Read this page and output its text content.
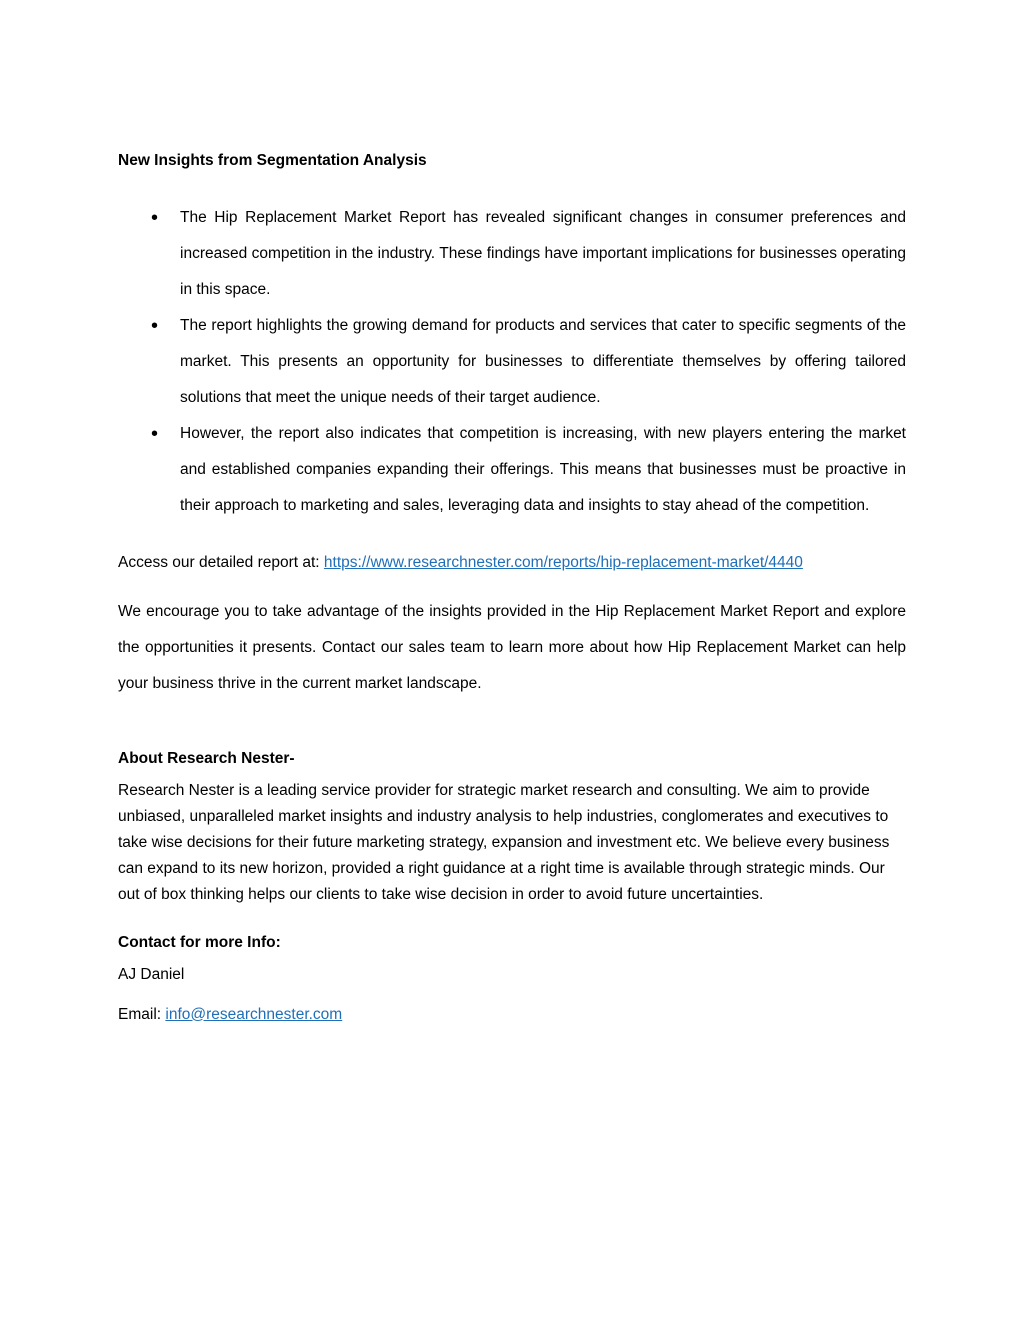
New Insights from Segmentation Analysis
• The Hip Replacement Market Report has revealed significant changes in consumer preferences and increased competition in the industry. These findings have important implications for businesses operating in this space.
• The report highlights the growing demand for products and services that cater to specific segments of the market. This presents an opportunity for businesses to differentiate themselves by offering tailored solutions that meet the unique needs of their target audience.
• However, the report also indicates that competition is increasing, with new players entering the market and established companies expanding their offerings. This means that businesses must be proactive in their approach to marketing and sales, leveraging data and insights to stay ahead of the competition.
Access our detailed report at: https://www.researchnester.com/reports/hip-replacement-market/4440

We encourage you to take advantage of the insights provided in the Hip Replacement Market Report and explore the opportunities it presents. Contact our sales team to learn more about how Hip Replacement Market can help your business thrive in the current market landscape.

About Research Nester-

Research Nester is a leading service provider for strategic market research and consulting. We aim to provide unbiased, unparalleled market insights and industry analysis to help industries, conglomerates and executives to take wise decisions for their future marketing strategy, expansion and investment etc. We believe every business can expand to its new horizon, provided a right guidance at a right time is available through strategic minds. Our out of box thinking helps our clients to take wise decision in order to avoid future uncertainties.

Contact for more Info:

AJ Daniel

Email: info@researchnester.com
